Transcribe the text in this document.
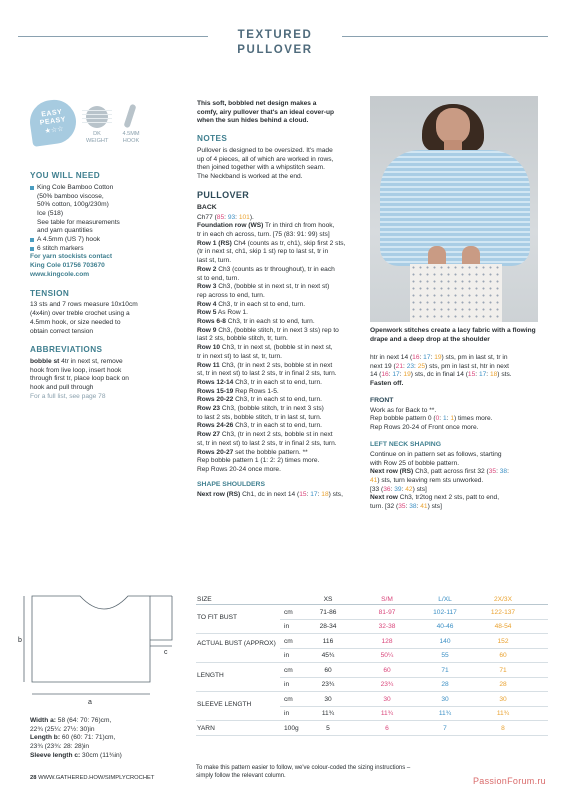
TEXTURED PULLOVER
EASY
PEASY
★☆☆	DK
WEIGHT
4.5MM
HOOK
YOU WILL NEED

King Cole Bamboo Cotton

(50% bamboo viscose,

50% cotton, 100g/230m)

Ice (518)

See table for measurements

and yarn quantities

A 4.5mm (US 7) hook
6 stitch markers

For yarn stockists contact

King Cole 01756 703670

www.kingcole.com

TENSION

13 sts and 7 rows measure 10x10cm

(4x4in) over treble crochet using a

4.5mm hook, or size needed to

obtain correct tension

ABBREVIATIONS

bobble st 4tr in next st, remove

hook from live loop, insert hook

through first tr, place loop back on

hook and pull through

For a full list, see page 78

This soft, bobbled net design makes a

comfy, airy pullover that's an ideal cover-up

when the sun hides behind a cloud.

NOTES

Pullover is designed to be oversized. It's made

up of 4 pieces, all of which are worked in rows,

then joined together with a whipstitch seam.

The Neckband is worked at the end.

PULLOVER
BACK

Ch77 (85: 93: 101).

Foundation row (WS) Tr in third ch from hook,

tr in each ch across, turn. [75 (83: 91: 99) sts]

Row 1 (RS) Ch4 (counts as tr, ch1), skip first 2 sts,

(tr in next st, ch1, skip 1 st) rep to last st, tr in

last st, turn.

Row 2 Ch3 (counts as tr throughout), tr in each

st to end, turn.

Row 3 Ch3, (bobble st in next st, tr in next st)

rep across to end, turn.

Row 4 Ch3, tr in each st to end, turn.

Row 5 As Row 1.

Rows 6-8 Ch3, tr in each st to end, turn.

Row 9 Ch3, (bobble stitch, tr in next 3 sts) rep to

last 2 sts, bobble stitch, tr, turn.

Row 10 Ch3, tr in next st, (bobble st in next st,

tr in next st) to last st, tr, turn.

Row 11 Ch3, (tr in next 2 sts, bobble st in next

st, tr in next st) to last 2 sts, tr in final 2 sts, turn.

Rows 12-14 Ch3, tr in each st to end, turn.

Rows 15-19 Rep Rows 1-5.

Rows 20-22 Ch3, tr in each st to end, turn.

Row 23 Ch3, (bobble stitch, tr in next 3 sts)

to last 2 sts, bobble stitch, tr in last st, turn.

Rows 24-26 Ch3, tr in each st to end, turn.

Row 27 Ch3, (tr in next 2 sts, bobble st in next

st, tr in next st) to last 2 sts, tr in final 2 sts, turn.

Rows 20-27 set the bobble pattern. **

Rep bobble pattern 1 (1: 2: 2) times more.

Rep Rows 20-24 once more.

SHAPE SHOULDERS

Next row (RS) Ch1, dc in next 14 (15: 17: 18) sts,

Openwork stitches create a lacy fabric with a flowing drape and a deep drop at the shoulder

htr in next 14 (16: 17: 19) sts, pm in last st, tr in

next 19 (21: 23: 25) sts, pm in last st, htr in next

14 (16: 17: 19) sts, dc in final 14 (15: 17: 18) sts.

Fasten off.

FRONT

Work as for Back to **.

Rep bobble pattern 0 (0: 1: 1) times more.

Rep Rows 20-24 of Front once more.

LEFT NECK SHAPING

Continue on in pattern set as follows, starting

with Row 25 of bobble pattern.

Next row (RS) Ch3, patt across first 32 (35: 38:

41) sts, turn leaving rem sts unworked.

[33 (36: 39: 42) sts]

Next row Ch3, tr2tog next 2 sts, patt to end,

turn. [32 (35: 38: 41) sts]

b
a
c

Width a: 58 (64: 70: 76)cm,

22¾ (25¼: 27½: 30)in

Length b: 60 (60: 71: 71)cm,

23¾ (23¾: 28: 28)in

Sleeve length c: 30cm (11¾in)

SIZE	XS	S/M	L/XL	2X/3X
TO FIT BUST
cm	71-86	81-97	102-117	122-137
in	28-34	32-38	40-46	48-54
ACTUAL BUST (APPROX) cm	116	128	140	152
in	45¾	50¼	55	60
LENGTH
cm	60	60	71	71
in	23¾	23¾	28	28
SLEEVE LENGTH
cm	30	30	30	30
in	11¾	11¾	11¾	11¾
YARN	100g	5	6	7	8

To make this pattern easier to follow, we've colour-coded the sizing instructions –

simply follow the relevant column.

28 WWW.GATHERED.HOW/SIMPLYCROCHET	PassionForum.ru
